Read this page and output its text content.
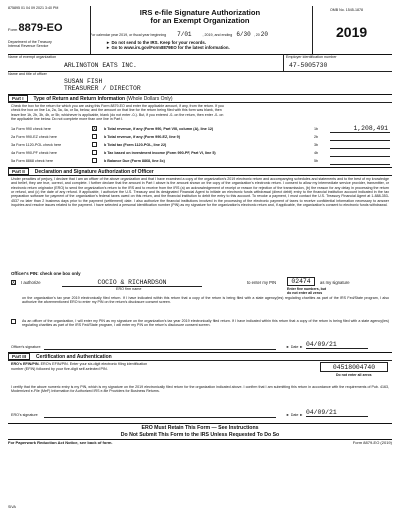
875895 01 04 09 2021 3:40 PM
Form 8879-EO
Department of the Treasury
Internal Revenue Service
IRS e-file Signature Authorization
for an Exempt Organization
For calendar year 2019, or fiscal year beginning 7/01	, 2019, and ending 6/30 , 20 20
► Do not send to the IRS. Keep for your records.
► Go to www.irs.gov/Form8879EO for the latest information.
OMB No. 1545-1878
2019
Name of exempt organization
ARLINGTON EATS INC.
Employer identification number
47-5005730
Name and title of officer
SUSAN FISH
TREASURER / DIRECTOR
Part I Type of Return and Return Information (Whole Dollars Only)
Check the box for the return for which you are using this Form 8879-EO and enter the applicable amount, if any, from the return. If you
check the box on line 1a, 2a, 3a, 4a, or 5a, below, and the amount on that line for the return being filed with this form was blank, then
leave line 1b, 2b, 3b, 4b, or 5b, whichever is applicable, blank (do not enter -0-). But, if you entered -0- on the return, then enter -0- on
the applicable line below. Do not complete more than one line in Part I.
1a Form 990 check here	X b Total revenue, if any (Form 990, Part VIII, column (A), line 12)	1b	1,208,491
2a Form 990-EZ check here	b Total revenue, if any (Form 990-EZ, line 9)	2b
3a Form 1120-POL check here	b Total tax (Form 1120-POL, line 22)	3b
4a Form 990-PF check here	b Tax based on investment income (Form 990-PF, Part VI, line 5)	4b
5a Form 8868 check here	b Balance Due (Form 8868, line 3c)	5b
Part II Declaration and Signature Authorization of Officer
Under penalties of perjury, I declare that I am an officer of the above organization and that I have examined a copy of the organization's 2019 electronic return and accompanying schedules and statements and to the best of my knowledge and belief, they are true, correct, and complete. I further declare that the amount in Part I above is the amount shown on the copy of the organization's electronic return. I consent to allow my intermediate service provider, transmitter, or electronic return originator (ERO) to send the organization's return to the IRS and to receive from the IRS (a) an acknowledgement of receipt or reason for rejection of the transmission, (b) the reason for any delay in processing the return or refund, and (c) the date of any refund. If applicable, I authorize the U.S. Treasury and its designated Financial Agent to initiate an electronic funds withdrawal (direct debit) entry to the financial institution account indicated in the tax preparation software for payment of the organization's federal taxes owed on this return, and the financial institution to debit the entry to this account. To revoke a payment, I must contact the U.S. Treasury Financial Agent at 1-888-353-4537 no later than 2 business days prior to the payment (settlement) date. I also authorize the financial institutions involved in the processing of the electronic payment of taxes to receive confidential information necessary to answer inquiries and resolve issues related to the payment. I have selected a personal identification number (PIN) as my signature for the organization's electronic return and, if applicable, the organization's consent to electronic funds withdrawal.
Officer's PIN: check one box only
X I authorize	COCIO & RICHARDSON
ERO firm name
to enter my PIN	02474
Enter five numbers, but
do not enter all zeros
as my signature
on the organization's tax year 2019 electronically filed return. If I have indicated within this return that a copy of the return is being filed with a state agency(ies) regulating charities as part of the IRS Fed/State program, I also authorize the aforementioned ERO to enter my PIN on the return's disclosure consent screen.
As an officer of the organization, I will enter my PIN as my signature on the organization's tax year 2019 electronically filed return. If I have indicated within this return that a copy of the return is being filed with a state agency(ies) regulating charities as part of the IRS Fed/State program, I will enter my PIN on the return's disclosure consent screen.
Officer's signature	► Date ► 04/09/21
Part III Certification and Authentication
ERO's EFIN/PIN. ERO's EFIN/PIN. Enter your six-digit electronic filing identification
number (EFIN) followed by your five-digit self-selected PIN.	04518004740
Do not enter all zeros
I certify that the above numeric entry is my PIN, which is my signature on the 2019 electronically filed return for the organization indicated above. I confirm that I am submitting this return in accordance with the requirements of Pub. 4163, Modernized e-File (MeF) Information for Authorized IRS e-file Providers for Business Returns.
ERO's signature	► Date ► 04/09/21
ERO Must Retain This Form — See Instructions
Do Not Submit This Form to the IRS Unless Requested To Do So
For Paperwork Reduction Act Notice, see back of form.	Form 8879-EO (2019)
SIVA
